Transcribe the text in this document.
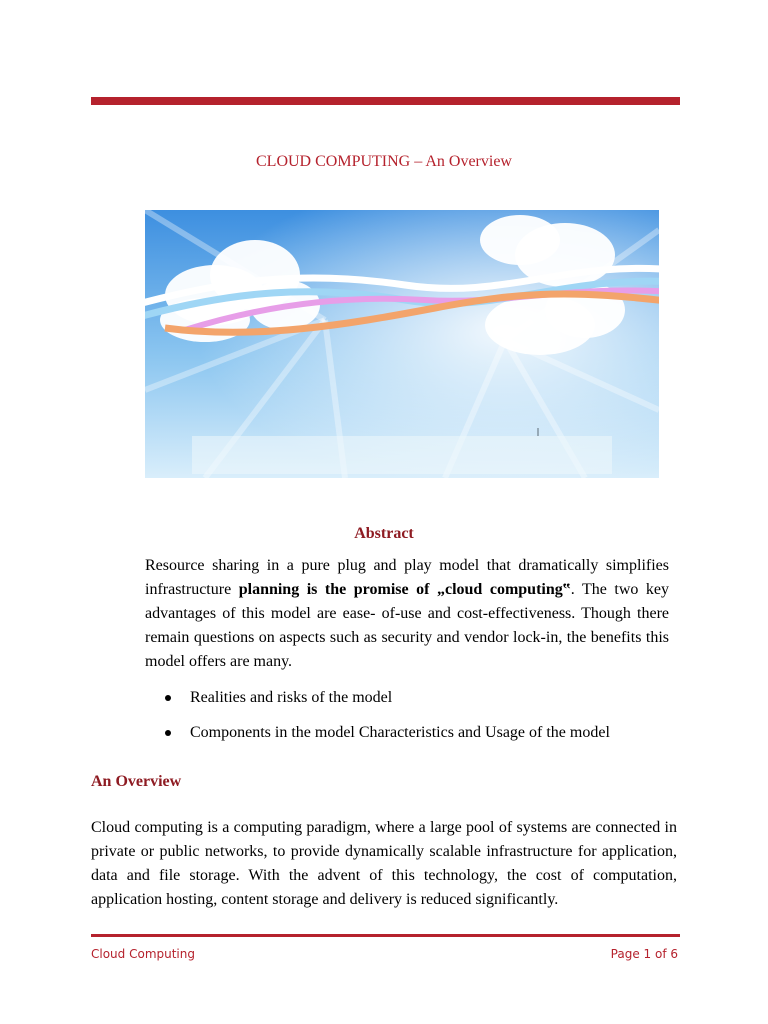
CLOUD COMPUTING – An Overview
Abstract
Resource sharing in a pure plug and play model that dramatically simplifies infrastructure planning is the promise of „cloud computing‟. The two key advantages of this model are ease- of-use and cost-effectiveness. Though there remain questions on aspects such as security and vendor lock-in, the benefits this model offers are many.
Realities and risks of the model
Components in the model Characteristics and Usage of the model
An Overview
Cloud computing is a computing paradigm, where a large pool of systems are connected in private or public networks, to provide dynamically scalable infrastructure for application, data and file storage. With the advent of this technology, the cost of computation, application hosting, content storage and delivery is reduced significantly.
Cloud Computing	Page 1 of 6
